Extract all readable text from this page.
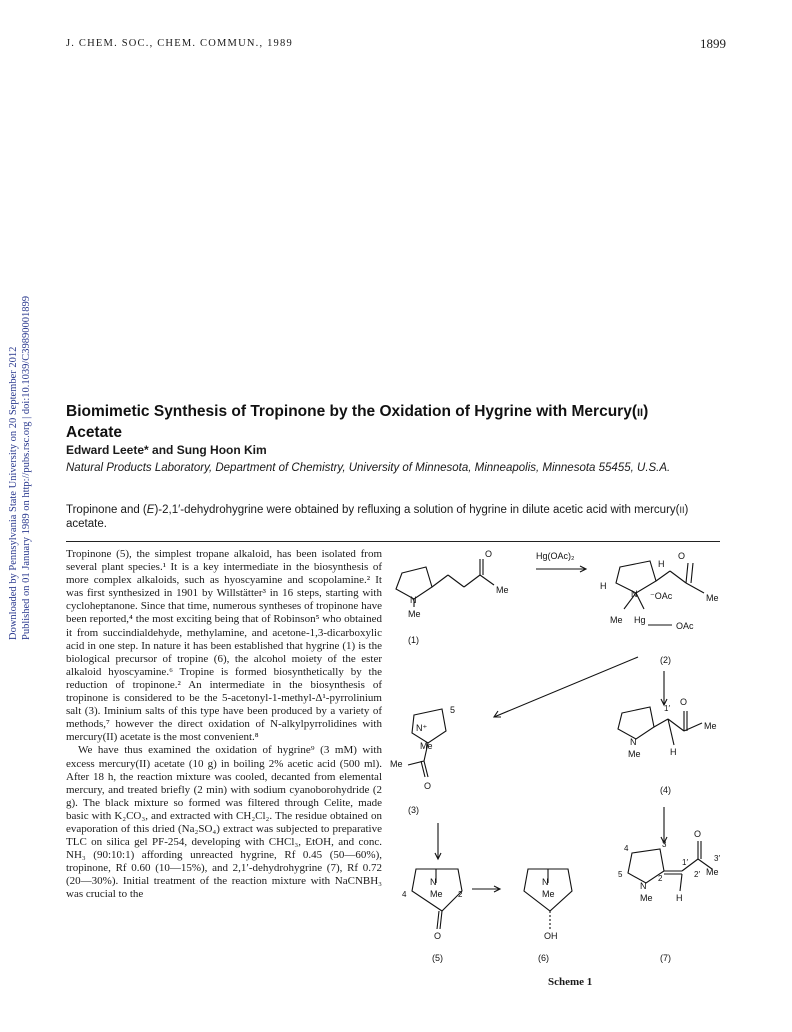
J. CHEM. SOC., CHEM. COMMUN., 1989	1899
Downloaded by Pennsylvania State University on 20 September 2012 Published on 01 January 1989 on http://pubs.rsc.org | doi:10.1039/C39890001899 Biomimetic Synthesis of Tropinone by the Oxidation of Hygrine with Mercury(II) Acetate
Edward Leete* and Sung Hoon Kim
Natural Products Laboratory, Department of Chemistry, University of Minnesota, Minneapolis, Minnesota 55455, U.S.A.
Tropinone and (E)-2,1′-dehydrohygrine were obtained by refluxing a solution of hygrine in dilute acetic acid with mercury(II) acetate.

Tropinone (5), the simplest tropane alkaloid, has been isolated from several plant species.¹ It is a key intermediate in the biosynthesis of more complex alkaloids, such as hyoscyamine and scopolamine.² It was first synthesized in 1901 by Willstätter³ in 16 steps, starting with cycloheptanone. Since that time, numerous syntheses of tropinone have been reported,⁴ the most exciting being that of Robinson⁵ who obtained it from succindialdehyde, methylamine, and acetone-1,3-dicarboxylic acid in one step. In nature it has been established that hygrine (1) is the biological precursor of tropine (6), the alcohol moiety of the ester alkaloid hyoscyamine.⁶ Tropine is formed biosynthetically by the reduction of tropinone.² An intermediate in the biosynthesis of tropinone is considered to be the 5-acetonyl-1-methyl-Δ¹-pyrrolinium salt (3). Iminium salts of this type have been produced by a variety of methods,⁷ however the direct oxidation of N-alkylpyrrolidines with mercury(II) acetate is the most convenient.⁸

We have thus examined the oxidation of hygrine⁹ (3 mM) with excess mercury(II) acetate (10 g) in boiling 2% acetic acid (500 ml). After 18 h, the reaction mixture was cooled, decanted from elemental mercury, and treated briefly (2 min) with sodium cyanoborohydride (2 g). The black mixture so formed was filtered through Celite, made basic with K₂CO₃, and extracted with CH₂Cl₂. The residue obtained on evaporation of this dried (Na₂SO₄) extract was subjected to preparative TLC on silica gel PF-254, developing with CHCl₃, EtOH, and conc. NH₃ (90:10:1) affording unreacted hygrine, Rf 0.45 (50—60%), tropinone, Rf 0.60 (10—15%), and 2,1′-dehydrohygrine (7), Rf 0.72 (20—30%). Initial treatment of the reaction mixture with NaCNBH₃ was crucial to the

O
Me
N
Me
(1)
Hg(OAc)₂	O
Me
H
H
N ⁻OAc
Me Hg
OAc
(2)
5
N⁺
Me
Me
O
(3)
O
Me
N
Me	H
1′
(4)
N
Me
4	2
O
(5)
N
Me
OH
(6)
O
Me
N
Me	H
4	3
5	2
1′
2′
3′
(7)
Scheme 1
